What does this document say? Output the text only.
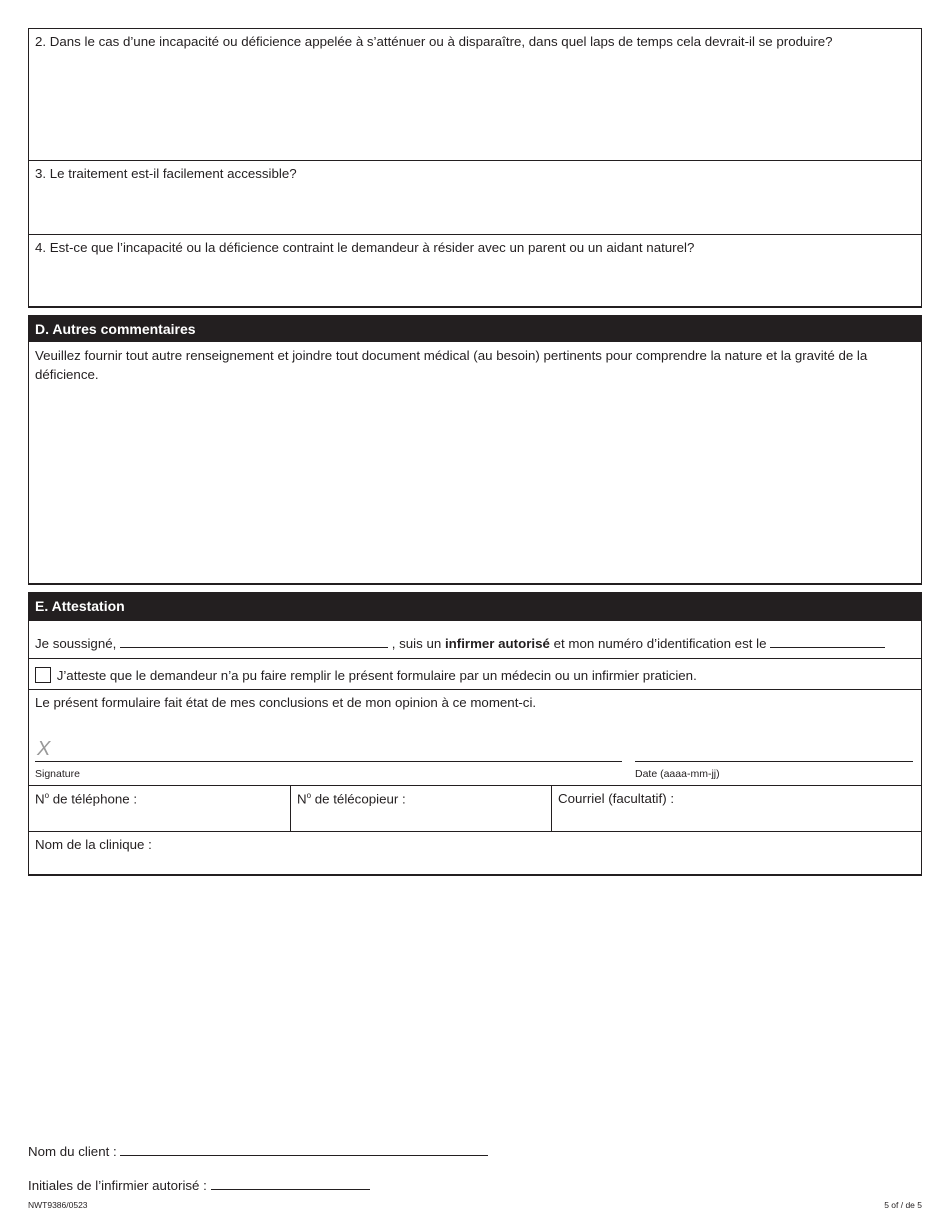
2. Dans le cas d’une incapacité ou déficience appelée à s’atténuer ou à disparaître, dans quel laps de temps cela devrait-il se produire?
3. Le traitement est-il facilement accessible?
4. Est-ce que l’incapacité ou la déficience contraint le demandeur à résider avec un parent ou un aidant naturel?
D. Autres commentaires
Veuillez fournir tout autre renseignement et joindre tout document médical (au besoin) pertinents pour comprendre la nature et la gravité de la déficience.
E. Attestation
Je soussigné,	, suis un infirmer autorisé et mon numéro d’identification est le
J’atteste que le demandeur n’a pu faire remplir le présent formulaire par un médecin ou un infirmier praticien.
Le présent formulaire fait état de mes conclusions et de mon opinion à ce moment-ci.
X
Signature	Date (aaaa-mm-jj)
$N^o$ de téléphone :	$N^o$ de télécopieur :	Courriel (facultatif) :
Nom de la clinique :
Nom du client :
Initiales de l’infirmier autorisé :
NWT9386/0523	5 of / de 5
